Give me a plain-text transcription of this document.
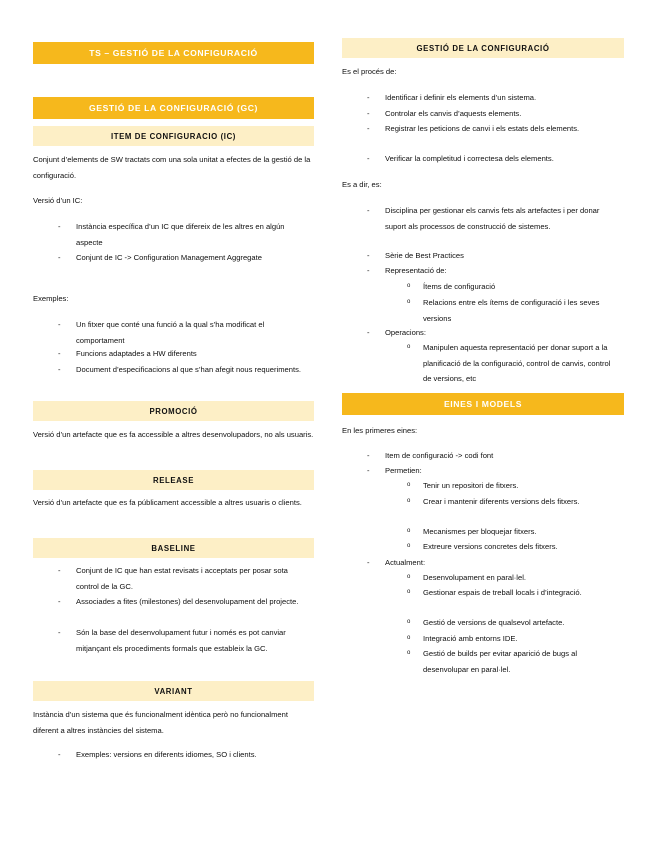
TS – GESTIÓ DE LA CONFIGURACIÓ
GESTIÓ DE LA CONFIGURACIÓ (GC)
ITEM DE CONFIGURACIO (IC)
Conjunt d’elements de SW tractats com una sola unitat a efectes de la gestió de la configuració.
Versió d’un IC:
- Instància específica d’un IC que difereix de les altres en algún aspecte
- Conjunt de IC -> Configuration Management Aggregate
Exemples:
- Un fitxer que conté una funció a la qual s’ha modificat el comportament
- Funcions adaptades a HW diferents
- Document d’especificacions al que s’han afegit nous requeriments.
PROMOCIÓ
Versió d’un artefacte que es fa accessible a altres desenvolupadors, no als usuaris.
RELEASE
Versió d’un artefacte que es fa públicament accessible a altres usuaris o clients.
BASELINE
- Conjunt de IC que han estat revisats i acceptats per posar sota control de la GC.
- Associades a fites (milestones) del desenvolupament del projecte.
- Són la base del desenvolupament futur i només es pot canviar mitjançant els procediments formals que estableix la GC.
VARIANT
Instància d’un sistema que és funcionalment idèntica però no funcionalment diferent a altres instàncies del sistema.
- Exemples: versions en diferents idiomes, SO i clients.
GESTIÓ DE LA CONFIGURACIÓ
Es el procés de:
- Identificar i definir els elements d’un sistema.
- Controlar els canvis d’aquests elements.
- Registrar les peticions de canvi i els estats dels elements.
- Verificar la completitud i correctesa dels elements.
Es a dir, es:
- Disciplina per gestionar els canvis fets als artefactes i per donar suport als processos de construcció de sistemes.
- Sèrie de Best Practices
- Representació de:
o Ítems de configuració
o Relacions entre els ítems de configuració i les seves versions
- Operacions:
o Manipulen aquesta representació per donar suport a la planificació de la configuració, control de canvis, control de versions, etc
EINES I MODELS
En les primeres eines:
- Item de configuració -> codi font
- Permetien:
o Tenir un repositori de fitxers.
o Crear i mantenir diferents versions dels fitxers.
o Mecanismes per bloquejar fitxers.
o Extreure versions concretes dels fitxers.
- Actualment:
o Desenvolupament en paral·lel.
o Gestionar espais de treball locals i d’integració.
o Gestió de versions de qualsevol artefacte.
o Integració amb entorns IDE.
o Gestió de builds per evitar aparició de bugs al desenvolupar en paral·lel.
